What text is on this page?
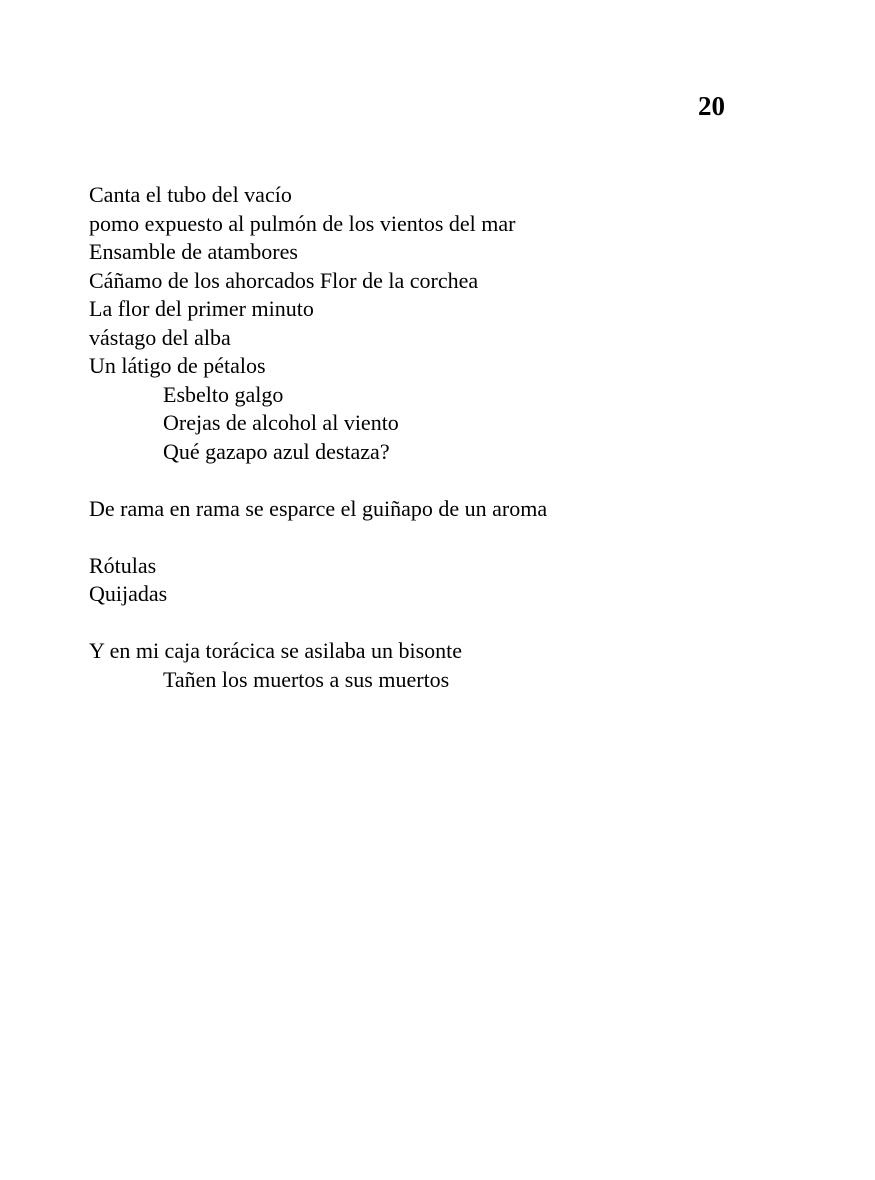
20
Canta el tubo del vacío
pomo expuesto al pulmón de los vientos del mar
Ensamble de atambores
Cáñamo de los ahorcados Flor de la corchea
La flor del primer minuto
vástago del alba
Un látigo de pétalos
Esbelto galgo
Orejas de alcohol al viento
Qué gazapo azul destaza?
De rama en rama se esparce el guiñapo de un aroma
Rótulas
Quijadas
Y en mi caja torácica se asilaba un bisonte
Tañen los muertos a sus muertos
